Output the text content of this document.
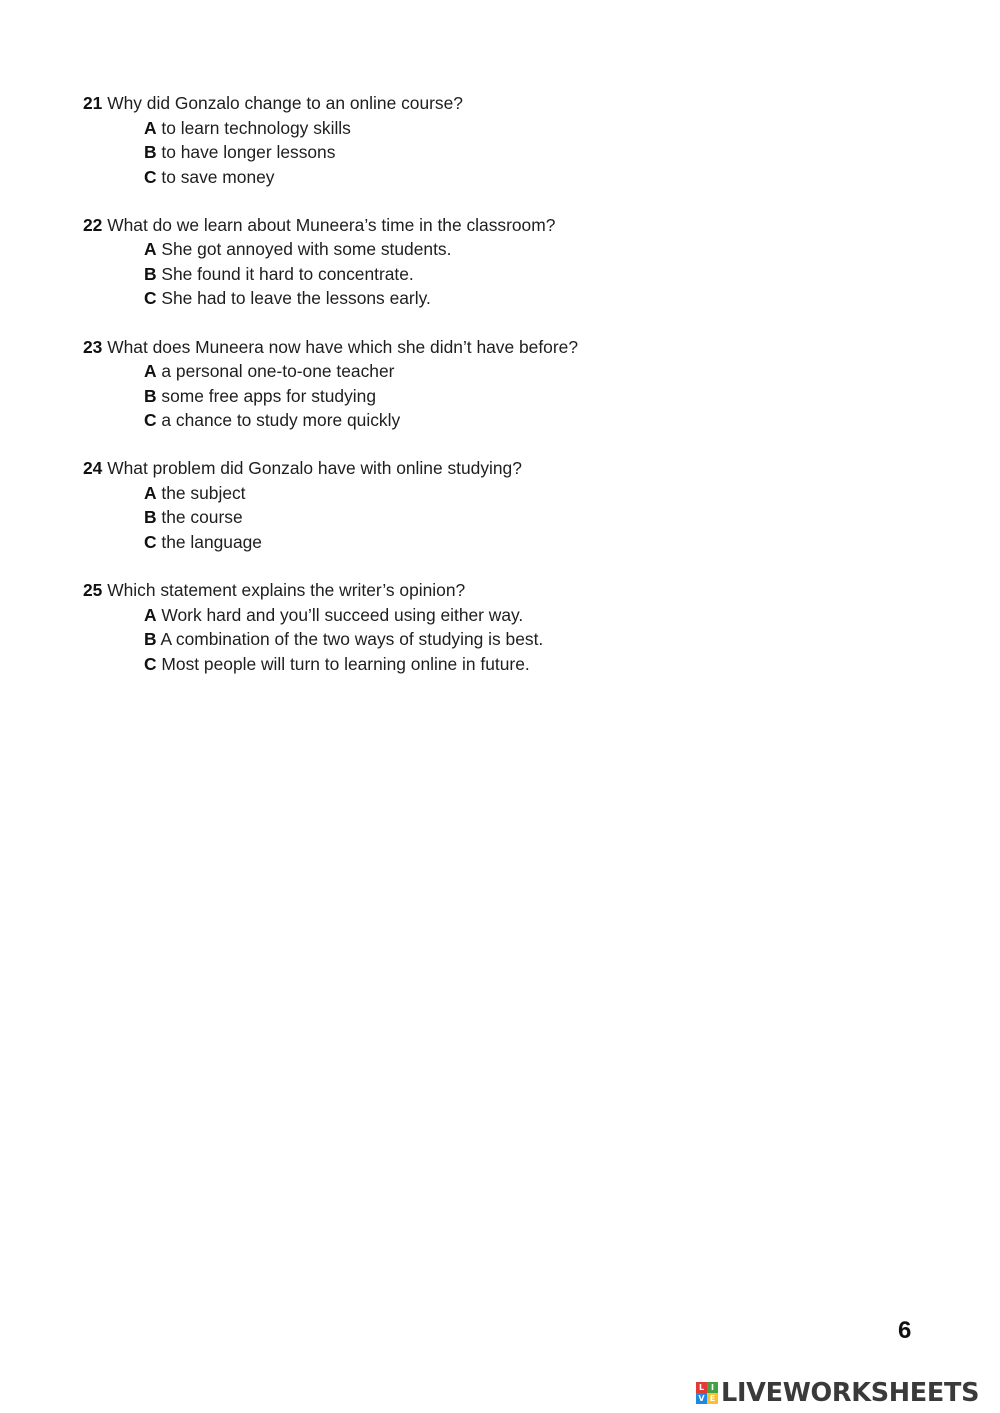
21 Why did Gonzalo change to an online course?
A to learn technology skills
B to have longer lessons
C to save money
22 What do we learn about Muneera’s time in the classroom?
A She got annoyed with some students.
B She found it hard to concentrate.
C She had to leave the lessons early.
23 What does Muneera now have which she didn’t have before?
A a personal one-to-one teacher
B some free apps for studying
C a chance to study more quickly
24 What problem did Gonzalo have with online studying?
A the subject
B the course
C the language
25 Which statement explains the writer’s opinion?
A Work hard and you’ll succeed using either way.
B A combination of the two ways of studying is best.
C Most people will turn to learning online in future.
6
L I
V E LIVEWORKSHEETS
